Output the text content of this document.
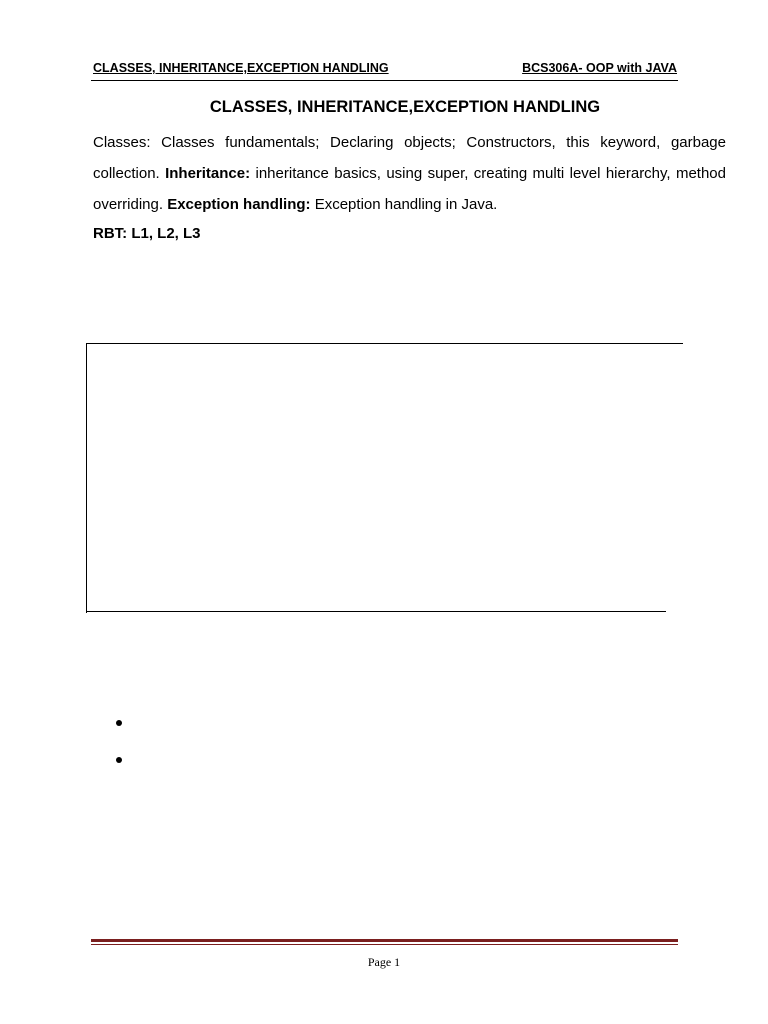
CLASSES, INHERITANCE,EXCEPTION HANDLING	BCS306A- OOP with JAVA
CLASSES, INHERITANCE,EXCEPTION HANDLING
Classes: Classes fundamentals; Declaring objects; Constructors, this keyword, garbage collection. Inheritance: inheritance basics, using super, creating multi level hierarchy, method overriding. Exception handling: Exception handling in Java.
RBT: L1, L2, L3
Page 1
